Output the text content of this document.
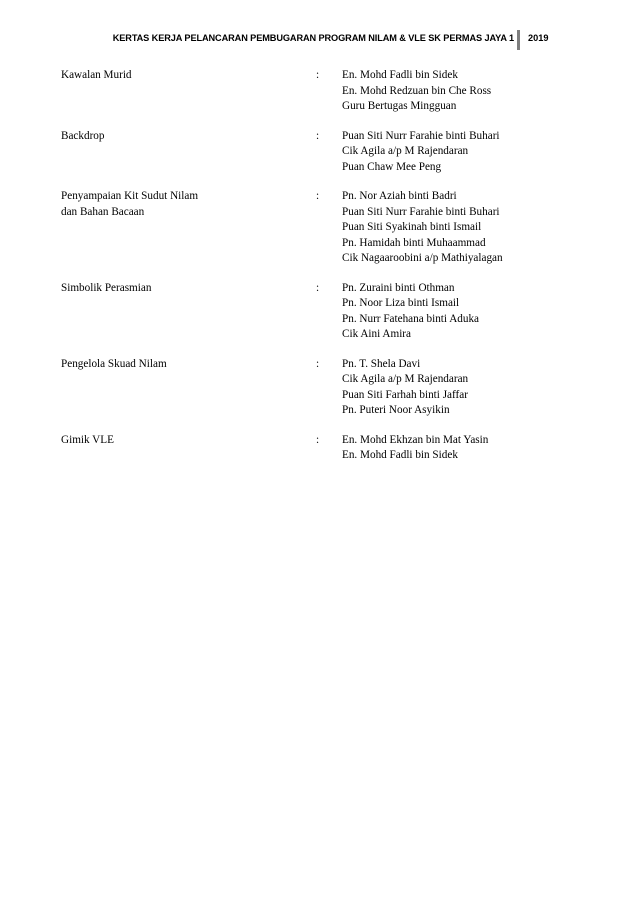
KERTAS KERJA PELANCARAN PEMBUGARAN PROGRAM NILAM & VLE SK PERMAS JAYA 1 2019
Kawalan Murid	:	En. Mohd Fadli bin Sidek
En. Mohd Redzuan bin Che Ross
Guru Bertugas Mingguan
Backdrop	:	Puan Siti Nurr Farahie binti Buhari
Cik Agila a/p M Rajendaran
Puan Chaw Mee Peng
Penyampaian Kit Sudut Nilam
dan Bahan Bacaan
:	Pn. Nor Aziah binti Badri
Puan Siti Nurr Farahie binti Buhari
Puan Siti Syakinah binti Ismail
Pn. Hamidah binti Muhaammad
Cik Nagaaroobini a/p Mathiyalagan
Simbolik Perasmian	:	Pn. Zuraini binti Othman
Pn. Noor Liza binti Ismail
Pn. Nurr Fatehana binti Aduka
Cik Aini Amira
Pengelola Skuad Nilam	:	Pn. T. Shela Davi
Cik Agila a/p M Rajendaran
Puan Siti Farhah binti Jaffar
Pn. Puteri Noor Asyikin
Gimik VLE	:	En. Mohd Ekhzan bin Mat Yasin
En. Mohd Fadli bin Sidek
